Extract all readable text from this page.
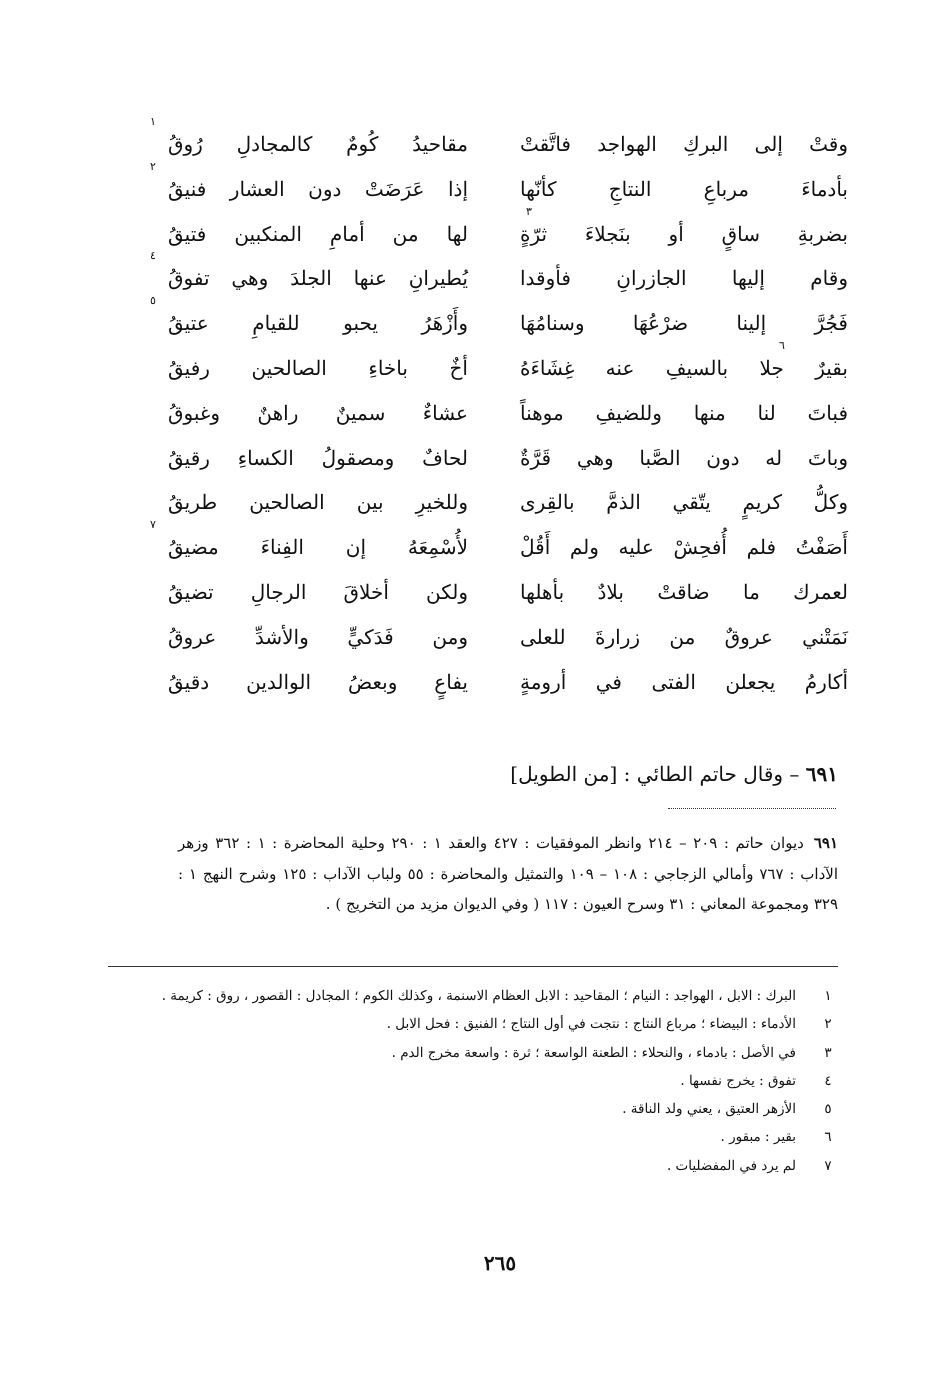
وقتْ إلى البركِ الهواجد فاتَّقتْ
مقاحيدُ كُومٌ كالمجادلِ رُوقُ
١
بأدماءَ مرباعِ النتاجِ كأنّها
إذا عَرَضَتْ دون العشار فنيقُ
٢
بضربةِ ساقٍ أو بنَجلاءَ ثرّةٍ
لها من أمامِ المنكبين فتيقُ
٣
وقام إليها الجازرانِ فأوقدا
يُطيرانِ عنها الجلدَ وهي تفوقُ
٤
فَجُرَّ إلينا ضرْعُهَا وسنامُهَا
وأَزْهَرُ يحبو للقيامِ عتيقُ
٥
بقيرٌ جلا بالسيفِ عنه غِشَاءَهُ
أخٌ باخاءِ الصالحين رفيقُ
٦
فباتَ لنا منها وللضيفِ موهناً
عشاءٌ سمينٌ راهنٌ وغبوقُ
وباتَ له دون الصَّبا وهي قَرَّةٌ
لحافٌ ومصقولُ الكساءِ رقيقُ
وكلُّ كريمٍ يتّقي الذمَّ بالقِرى
وللخيرِ بين الصالحين طريقُ
أَصَفْتُ فلم أُفحِشْ عليه ولم أَقُلْ
لأُسْمِعَهُ إن الفِناءَ مضيقُ
٧
لعمرك ما ضاقتْ بلادٌ بأهلها
ولكن أخلاقَ الرجالِ تضيقُ
نَمَتْني عروقٌ من زرارةَ للعلى
ومن فَدَكيٍّ والأشدِّ عروقُ
أكارمُ يجعلن الفتى في أرومةٍ
يفاعٍ وبعضُ الوالدين دقيقُ
٦٩١ – وقال حاتم الطائي : [من الطويل]
٦٩١ديوان حاتم : ٢٠٩ – ٢١٤ وانظر الموفقيات : ٤٢٧ والعقد ١ : ٢٩٠ وحلية المحاضرة : ١ : ٣٦٢ وزهر الآداب : ٧٦٧ وأمالي الزجاجي : ١٠٨ – ١٠٩ والتمثيل والمحاضرة : ٥٥ ولباب الآداب : ١٢٥ وشرح النهج ١ : ٣٢٩ ومجموعة المعاني : ٣١ وسرح العيون : ١١٧ ( وفي الديوان مزيد من التخريج ) .
١
البرك : الابل ، الهواجد : النيام ؛ المقاحيد : الابل العظام الاسنمة ، وكذلك الكوم ؛ المجادل : القصور ، روق : كريمة .
٢
الأدماء : البيضاء ؛ مرباع النتاج : نتجت في أول النتاج ؛ الفنيق : فحل الابل .
٣
في الأصل : بادماء ، والنحلاء : الطعنة الواسعة ؛ ثرة : واسعة مخرج الدم .
٤
تفوق : يخرج نفسها .
٥
الأزهر العتيق ، يعني ولد الناقة .
٦
بقير : مبقور .
٧
لم يرد في المفضليات .
٢٦٥
